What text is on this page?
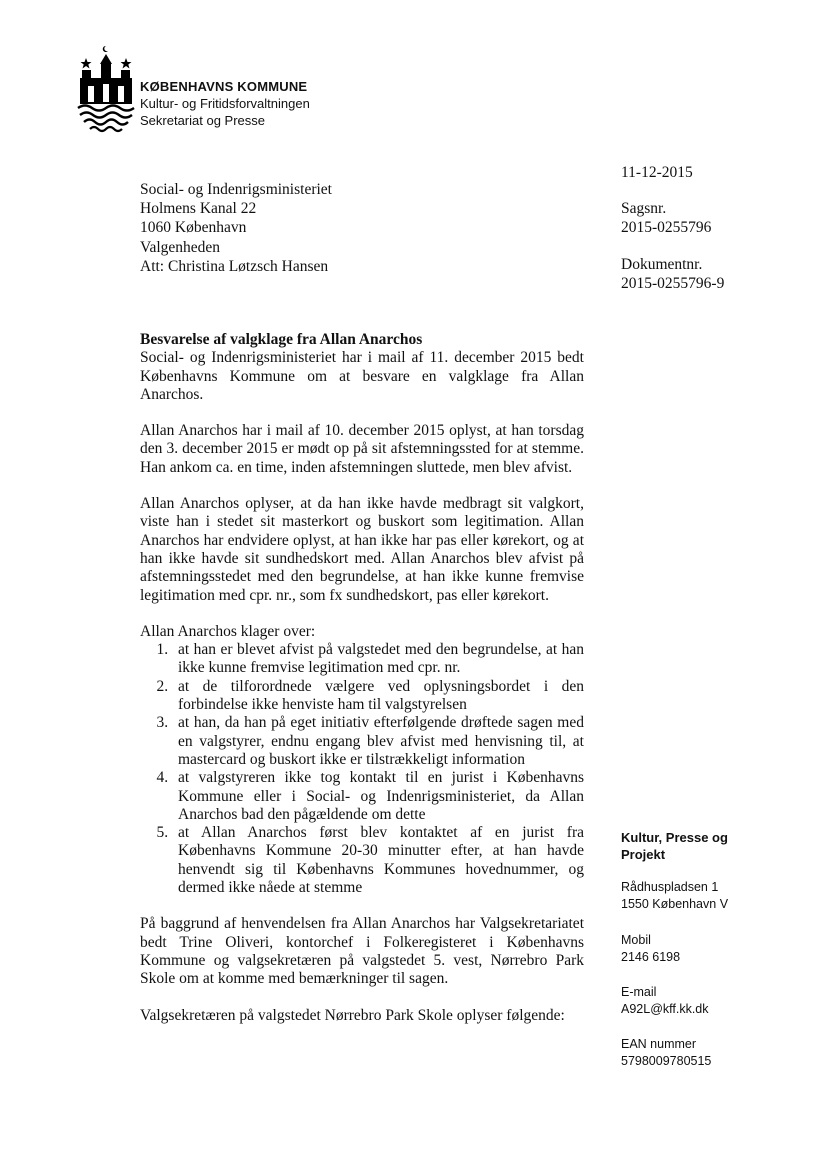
KØBENHAVNS KOMMUNE
Kultur- og Fritidsforvaltningen
Sekretariat og Presse
Social- og Indenrigsministeriet
Holmens Kanal 22
1060 København
Valgenheden
Att: Christina Løtzsch Hansen
11-12-2015
Sagsnr.
2015-0255796
Dokumentnr.
2015-0255796-9

Besvarelse af valgklage fra Allan Anarchos

Social- og Indenrigsministeriet har i mail af 11. december 2015 bedt Københavns Kommune om at besvare en valgklage fra Allan Anarchos.

Allan Anarchos har i mail af 10. december 2015 oplyst, at han torsdag den 3. december 2015 er mødt op på sit afstemningssted for at stemme. Han ankom ca. en time, inden afstemningen sluttede, men blev afvist.

Allan Anarchos oplyser, at da han ikke havde medbragt sit valgkort, viste han i stedet sit masterkort og buskort som legitimation. Allan Anarchos har endvidere oplyst, at han ikke har pas eller kørekort, og at han ikke havde sit sundhedskort med. Allan Anarchos blev afvist på afstemningsstedet med den begrundelse, at han ikke kunne fremvise legitimation med cpr. nr., som fx sundhedskort, pas eller kørekort.

Allan Anarchos klager over:

1. at han er blevet afvist på valgstedet med den begrundelse, at han ikke kunne fremvise legitimation med cpr. nr.
2. at de tilforordnede vælgere ved oplysningsbordet i den forbindelse ikke henviste ham til valgstyrelsen
3. at han, da han på eget initiativ efterfølgende drøftede sagen med en valgstyrer, endnu engang blev afvist med henvisning til, at mastercard og buskort ikke er tilstrækkeligt information
4. at valgstyreren ikke tog kontakt til en jurist i Københavns Kommune eller i Social- og Indenrigsministeriet, da Allan Anarchos bad den pågældende om dette
5. at Allan Anarchos først blev kontaktet af en jurist fra Københavns Kommune 20-30 minutter efter, at han havde henvendt sig til Københavns Kommunes hovednummer, og dermed ikke nåede at stemme

På baggrund af henvendelsen fra Allan Anarchos har Valgsekretariatet bedt Trine Oliveri, kontorchef i Folkeregisteret i Københavns Kommune og valgsekretæren på valgstedet 5. vest, Nørrebro Park Skole om at komme med bemærkninger til sagen.

Valgsekretæren på valgstedet Nørrebro Park Skole oplyser følgende:

Kultur, Presse og
Projekt
Rådhuspladsen 1
1550 København V
Mobil
2146 6198
E-mail
A92L@kff.kk.dk
EAN nummer
5798009780515
